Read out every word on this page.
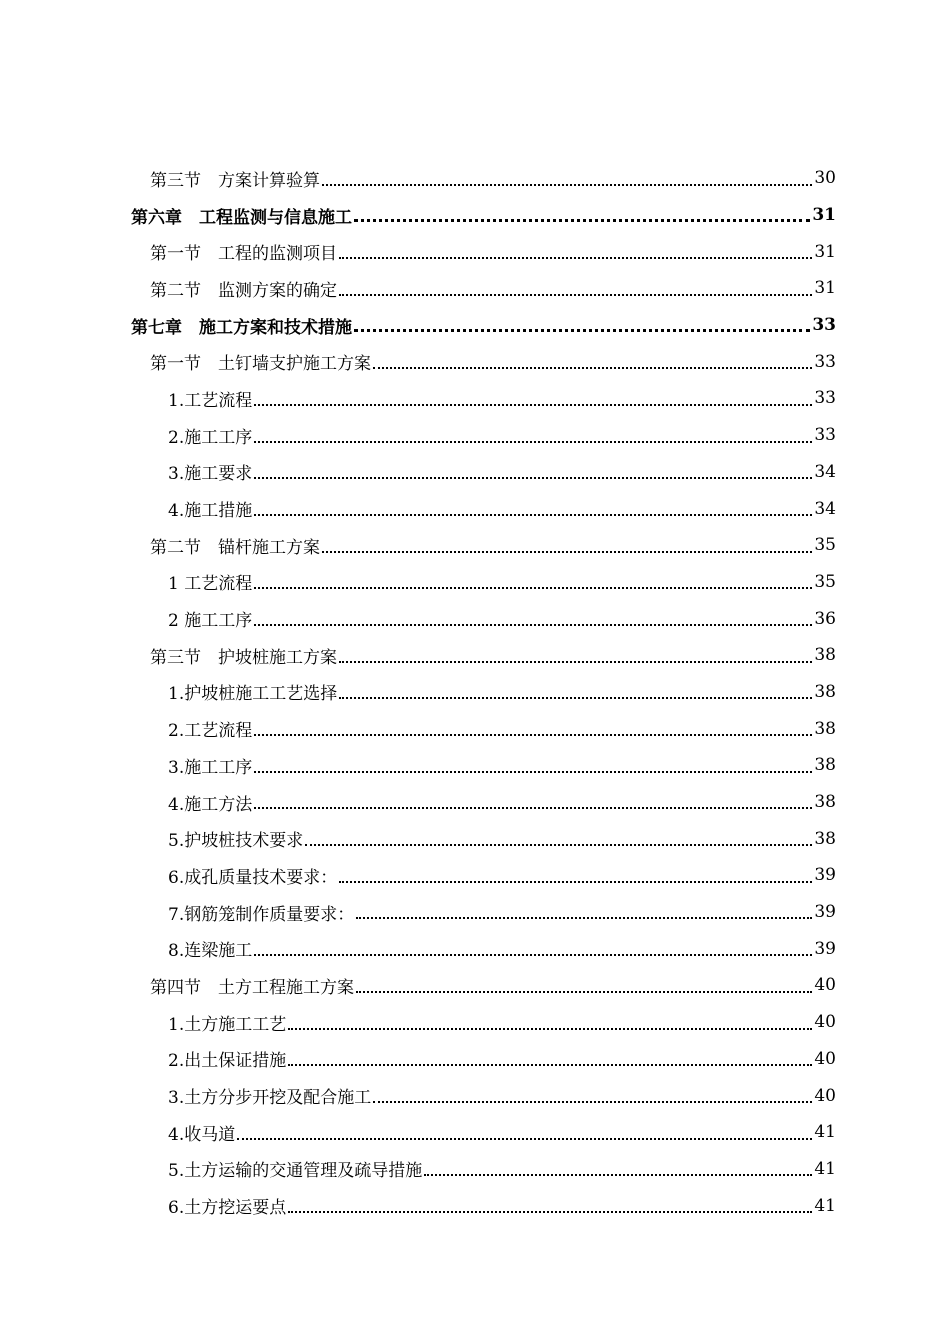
第三节　方案计算验算	30
第六章　工程监测与信息施工	31
第一节　工程的监测项目	31
第二节　监测方案的确定	31
第七章　施工方案和技术措施	33
第一节　土钉墙支护施工方案	33
1.工艺流程	33
2.施工工序	33
3.施工要求	34
4.施工措施	34
第二节　锚杆施工方案	35
1 工艺流程	35
2 施工工序	36
第三节　护坡桩施工方案	38
1.护坡桩施工工艺选择	38
2.工艺流程	38
3.施工工序	38
4.施工方法	38
5.护坡桩技术要求	38
6.成孔质量技术要求：	39
7.钢筋笼制作质量要求：	39
8.连梁施工	39
第四节　土方工程施工方案	40
1.土方施工工艺	40
2.出土保证措施	40
3.土方分步开挖及配合施工	40
4.收马道	41
5.土方运输的交通管理及疏导措施	41
6.土方挖运要点	41
